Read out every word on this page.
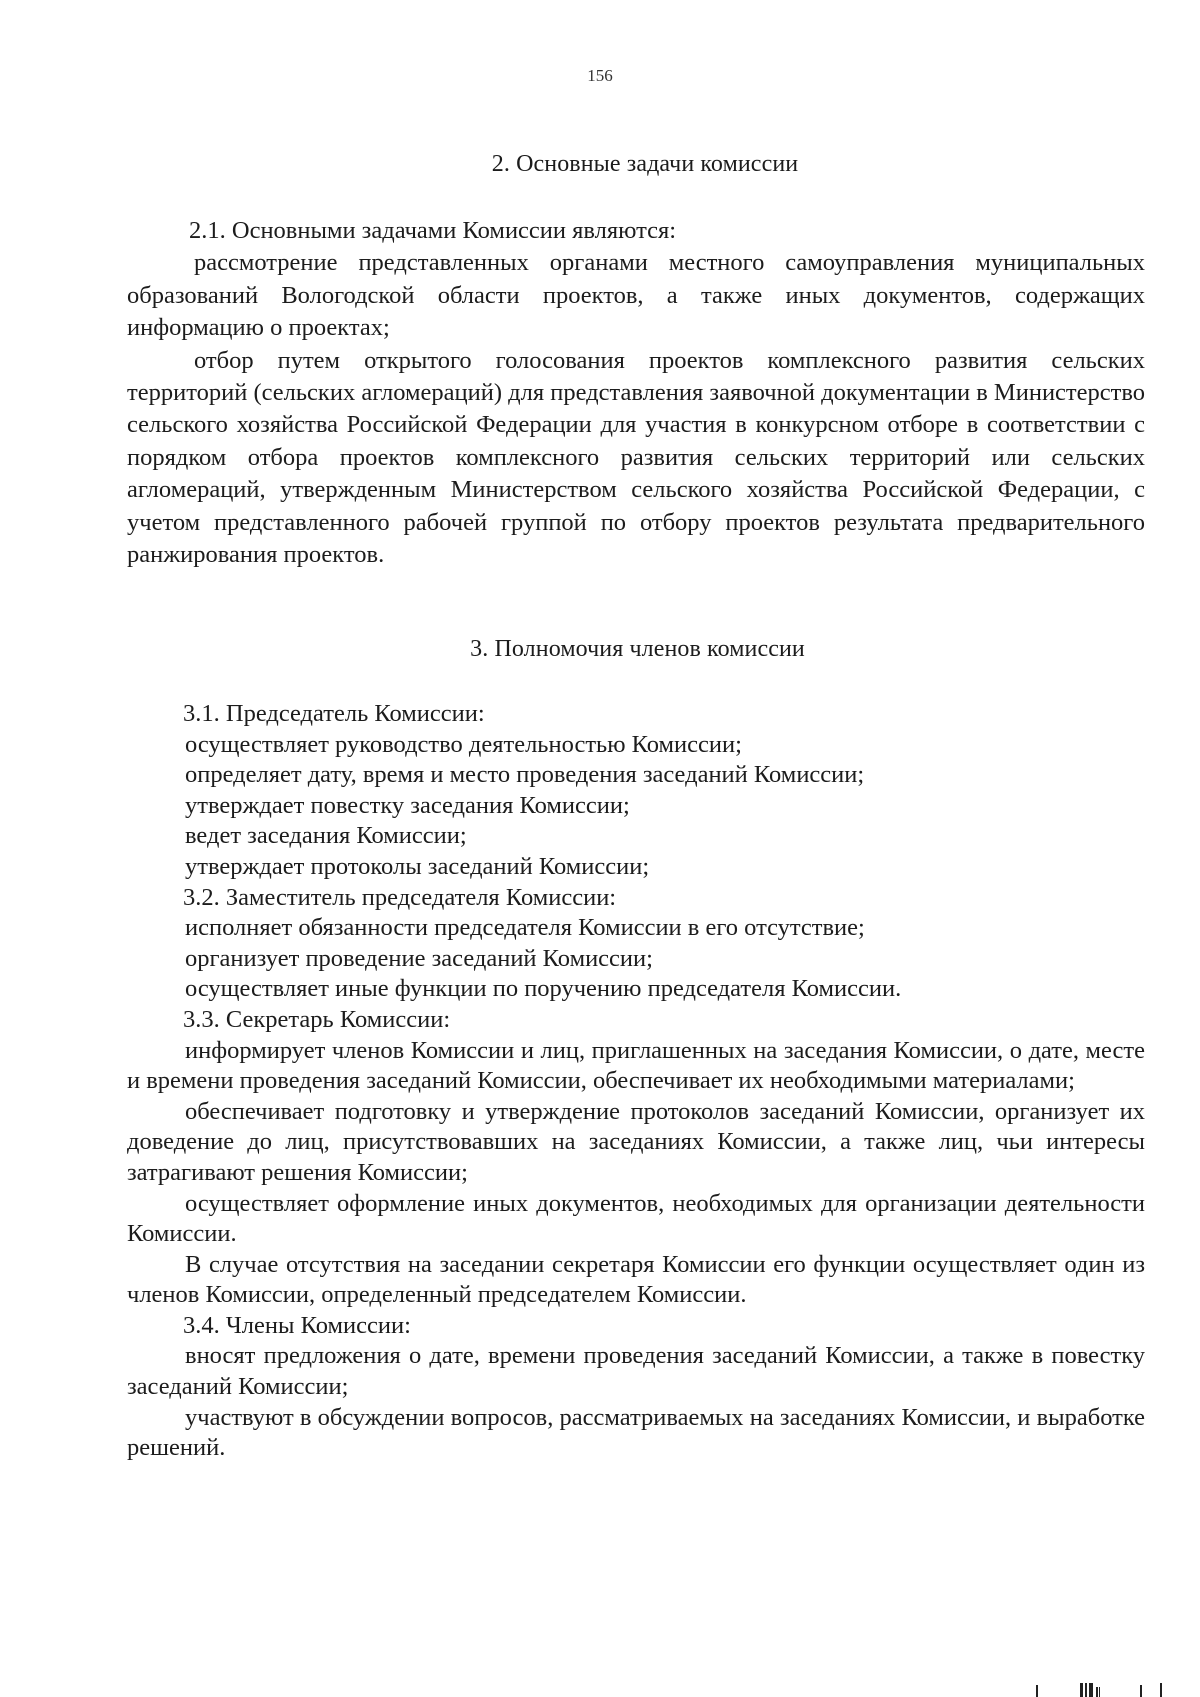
156
2. Основные задачи комиссии

2.1. Основными задачами Комиссии являются:

рассмотрение представленных органами местного самоуправления муниципальных образований Вологодской области проектов, а также иных документов, содержащих информацию о проектах;

отбор путем открытого голосования проектов комплексного развития сельских территорий (сельских агломераций) для представления заявочной документации в Министерство сельского хозяйства Российской Федерации для участия в конкурсном отборе в соответствии с порядком отбора проектов комплексного развития сельских территорий или сельских агломераций, утвержденным Министерством сельского хозяйства Российской Федерации, с учетом представленного рабочей группой по отбору проектов результата предварительного ранжирования проектов.

3. Полномочия членов комиссии

3.1. Председатель Комиссии:

осуществляет руководство деятельностью Комиссии;

определяет дату, время и место проведения заседаний Комиссии;

утверждает повестку заседания Комиссии;

ведет заседания Комиссии;

утверждает протоколы заседаний Комиссии;

3.2. Заместитель председателя Комиссии:

исполняет обязанности председателя Комиссии в его отсутствие;

организует проведение заседаний Комиссии;

осуществляет иные функции по поручению председателя Комиссии.

3.3. Секретарь Комиссии:

информирует членов Комиссии и лиц, приглашенных на заседания Комиссии, о дате, месте и времени проведения заседаний Комиссии, обеспечивает их необходимыми материалами;

обеспечивает подготовку и утверждение протоколов заседаний Комиссии, организует их доведение до лиц, присутствовавших на заседаниях Комиссии, а также лиц, чьи интересы затрагивают решения Комиссии;

осуществляет оформление иных документов, необходимых для организации деятельности Комиссии.

В случае отсутствия на заседании секретаря Комиссии его функции осуществляет один из членов Комиссии, определенный председателем Комиссии.

3.4. Члены Комиссии:

вносят предложения о дате, времени проведения заседаний Комиссии, а также в повестку заседаний Комиссии;

участвуют в обсуждении вопросов, рассматриваемых на заседаниях Комиссии, и выработке решений.
